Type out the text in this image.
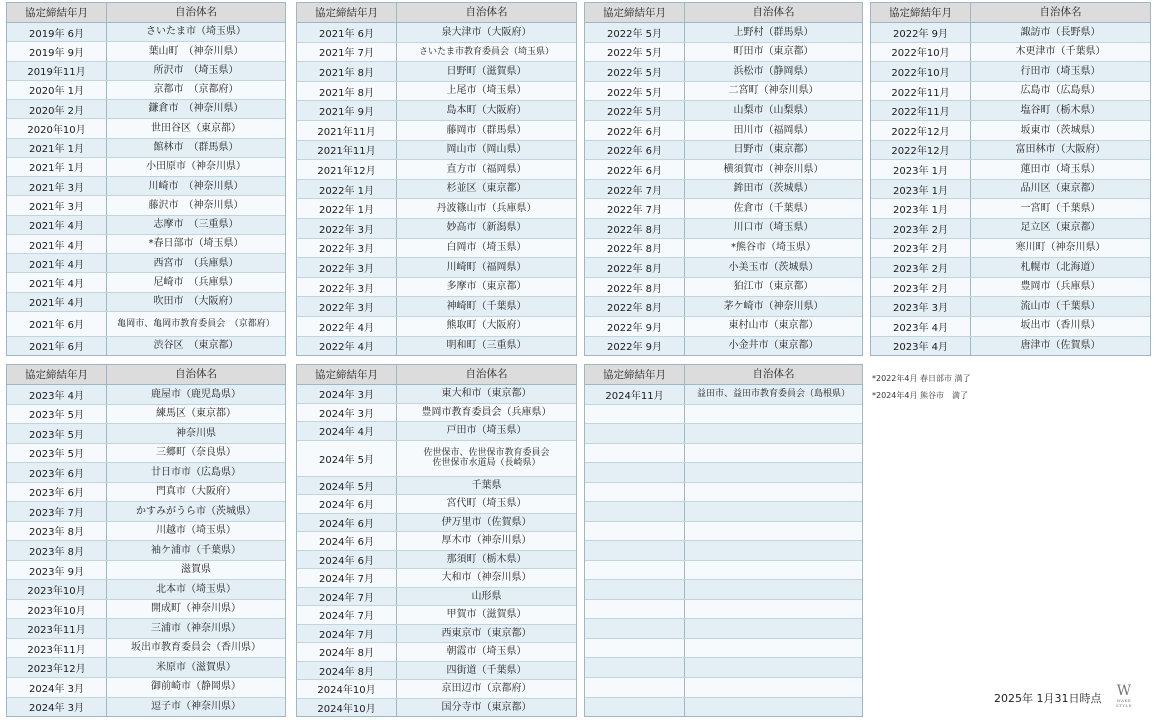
協定締結年月	自治体名
2019年 6月	さいたま市（埼玉県）
2019年 9月	葉山町　（神奈川県）
2019年11月	所沢市　（埼玉県）
2020年 1月	京都市　（京都府）
2020年 2月	鎌倉市　（神奈川県）
2020年10月	世田谷区（東京都）
2021年 1月	館林市　（群馬県）
2021年 1月	小田原市（神奈川県）
2021年 3月	川崎市　（神奈川県）
2021年 3月	藤沢市　（神奈川県）
2021年 4月	志摩市　（三重県）
2021年 4月	*春日部市（埼玉県）
2021年 4月	西宮市　（兵庫県）
2021年 4月	尼崎市　（兵庫県）
2021年 4月	吹田市　（大阪府）
2021年 6月	亀岡市、亀岡市教育委員会　（京都府）
2021年 6月	渋谷区　（東京都）
協定締結年月	自治体名
2021年 6月	泉大津市（大阪府）
2021年 7月	さいたま市教育委員会（埼玉県）
2021年 8月	日野町（滋賀県）
2021年 8月	上尾市（埼玉県）
2021年 9月	島本町（大阪府）
2021年11月	藤岡市（群馬県）
2021年11月	岡山市（岡山県）
2021年12月	直方市（福岡県）
2022年 1月	杉並区（東京都）
2022年 1月	丹波篠山市（兵庫県）
2022年 3月	妙高市（新潟県）
2022年 3月	白岡市（埼玉県）
2022年 3月	川崎町（福岡県）
2022年 3月	多摩市（東京都）
2022年 3月	神崎町（千葉県）
2022年 4月	熊取町（大阪府）
2022年 4月	明和町（三重県）
協定締結年月	自治体名
2022年 5月	上野村（群馬県）
2022年 5月	町田市（東京都）
2022年 5月	浜松市（静岡県）
2022年 5月	二宮町（神奈川県）
2022年 5月	山梨市（山梨県）
2022年 6月	田川市（福岡県）
2022年 6月	日野市（東京都）
2022年 6月	横須賀市（神奈川県）
2022年 7月	鉾田市（茨城県）
2022年 7月	佐倉市（千葉県）
2022年 8月	川口市（埼玉県）
2022年 8月	*熊谷市（埼玉県）
2022年 8月	小美玉市（茨城県）
2022年 8月	狛江市（東京都）
2022年 8月	茅ケ崎市（神奈川県）
2022年 9月	東村山市（東京都）
2022年 9月	小金井市（東京都）
協定締結年月	自治体名
2022年 9月	諏訪市（長野県）
2022年10月	木更津市（千葉県）
2022年10月	行田市（埼玉県）
2022年11月	広島市（広島県）
2022年11月	塩谷町（栃木県）
2022年12月	坂東市（茨城県）
2022年12月	富田林市（大阪府）
2023年 1月	蓮田市（埼玉県）
2023年 1月	品川区（東京都）
2023年 1月	一宮町（千葉県）
2023年 2月	足立区（東京都）
2023年 2月	寒川町（神奈川県）
2023年 2月	札幌市（北海道）
2023年 2月	豊岡市（兵庫県）
2023年 3月	流山市（千葉県）
2023年 4月	坂出市（香川県）
2023年 4月	唐津市（佐賀県）
協定締結年月	自治体名
2023年 4月	鹿屋市（鹿児島県）
2023年 5月	練馬区（東京都）
2023年 5月	神奈川県
2023年 5月	三郷町（奈良県）
2023年 6月	廿日市市（広島県）
2023年 6月	門真市（大阪府）
2023年 7月	かすみがうら市（茨城県）
2023年 8月	川越市（埼玉県）
2023年 8月	袖ケ浦市（千葉県）
2023年 9月	滋賀県
2023年10月	北本市（埼玉県）
2023年10月	開成町（神奈川県）
2023年11月	三浦市（神奈川県）
2023年11月	坂出市教育委員会（香川県）
2023年12月	米原市（滋賀県）
2024年 3月	御前崎市（静岡県）
2024年 3月	逗子市（神奈川県）
協定締結年月	自治体名
2024年 3月	東大和市（東京都）
2024年 3月	豊岡市教育委員会（兵庫県）
2024年 4月	戸田市（埼玉県）
2024年 5月
佐世保市、佐世保市教育委員会
佐世保市水道局（長崎県）
2024年 5月	千葉県
2024年 6月	宮代町（埼玉県）
2024年 6月	伊万里市（佐賀県）
2024年 6月	厚木市（神奈川県）
2024年 6月	那須町（栃木県）
2024年 7月	大和市（神奈川県）
2024年 7月	山形県
2024年 7月	甲賀市（滋賀県）
2024年 7月	西東京市（東京都）
2024年 8月	朝霞市（埼玉県）
2024年 8月	四街道（千葉県）
2024年10月	京田辺市（京都府）
2024年10月	国分寺市（東京都）
協定締結年月	自治体名
2024年11月	益田市、益田市教育委員会（島根県）
*2022年4月 春日部市 満了
*2024年4月 熊谷市　満了
2025年 1月31日時点 W
WAKE STYLE
